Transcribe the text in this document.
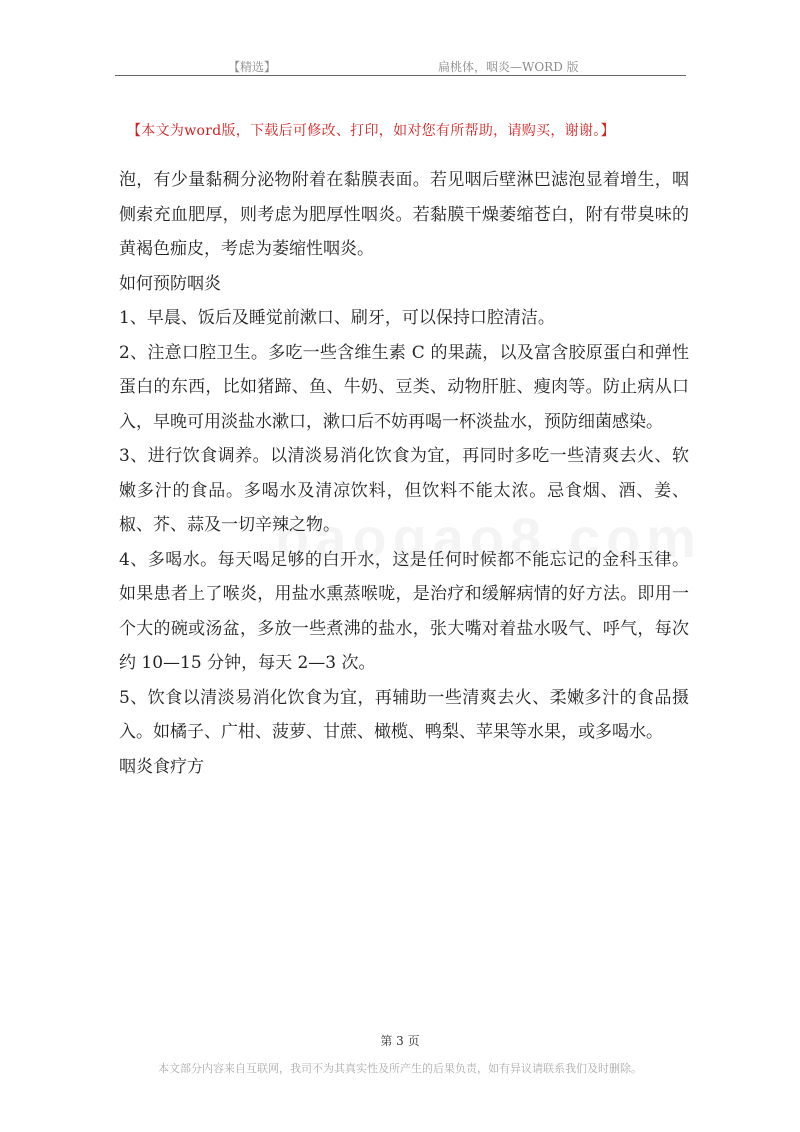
【精选】	扁桃体，咽炎—WORD 版
【本文为word版，下载后可修改、打印，如对您有所帮助，请购买，谢谢。】

泡，有少量黏稠分泌物附着在黏膜表面。若见咽后壁淋巴滤泡显着增生，咽侧索充血肥厚，则考虑为肥厚性咽炎。若黏膜干燥萎缩苍白，附有带臭味的黄褐色痂皮，考虑为萎缩性咽炎。

如何预防咽炎

1、早晨、饭后及睡觉前漱口、刷牙，可以保持口腔清洁。

2、注意口腔卫生。多吃一些含维生素 C 的果蔬，以及富含胶原蛋白和弹性蛋白的东西，比如猪蹄、鱼、牛奶、豆类、动物肝脏、瘦肉等。防止病从口入，早晚可用淡盐水漱口，漱口后不妨再喝一杯淡盐水，预防细菌感染。

3、进行饮食调养。以清淡易消化饮食为宜，再同时多吃一些清爽去火、软嫩多汁的食品。多喝水及清凉饮料，但饮料不能太浓。忌食烟、酒、姜、椒、芥、蒜及一切辛辣之物。

4、多喝水。每天喝足够的白开水，这是任何时候都不能忘记的金科玉律。如果患者上了喉炎，用盐水熏蒸喉咙，是治疗和缓解病情的好方法。即用一个大的碗或汤盆，多放一些煮沸的盐水，张大嘴对着盐水吸气、呼气，每次约 10—15 分钟，每天 2—3 次。

5、饮食以清淡易消化饮食为宜，再辅助一些清爽去火、柔嫩多汁的食品摄入。如橘子、广柑、菠萝、甘蔗、橄榄、鸭梨、苹果等水果，或多喝水。

咽炎食疗方

第 3 页
本文部分内容来自互联网，我司不为其真实性及所产生的后果负责，如有异议请联系我们及时删除。
